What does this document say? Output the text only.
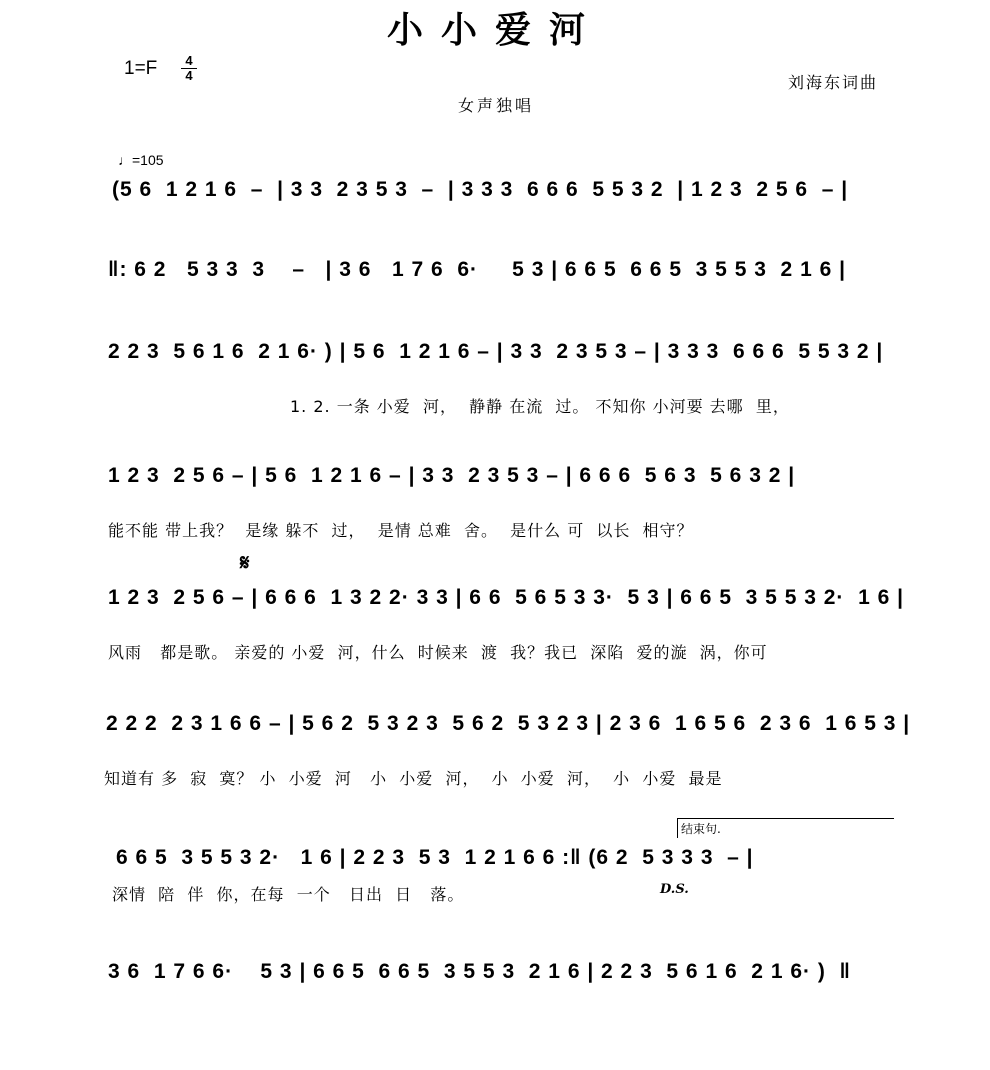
小小爱河
1=F	4
4	刘海东词曲
女声独唱
♩=105
(5 6  1 2 1 6  –  | 3 3  2 3 5 3  –  | 3 3 3  6 6 6  5 5 3 2  | 1 2 3  2 5 6  – |
‖: 6 2   5 3 3  3    –   | 3 6   1 7 6  6·     5 3 | 6 6 5  6 6 5  3 5 5 3  2 1 6 |
2 2 3  5 6 1 6  2 1 6· ) | 5 6  1 2 1 6 – | 3 3  2 3 5 3 – | 3 3 3  6 6 6  5 5 3 2 |
1. 2. 一条 小爱  河，  静静 在流  过。 不知你 小河要 去哪  里，
1 2 3  2 5 6 – | 5 6  1 2 1 6 – | 3 3  2 3 5 3 – | 6 6 6  5 6 3  5 6 3 2 |
能不能 带上我？  是缘 躲不  过，  是情 总难  舍。  是什么 可  以长  相守？
𝄋
1 2 3  2 5 6 – | 6 6 6  1 3 2 2· 3 3 | 6 6  5 6 5 3 3·  5 3 | 6 6 5  3 5 5 3 2·  1 6 |
风雨   都是歌。 亲爱的 小爱  河，什么  时候来  渡  我？我已  深陷  爱的漩  涡，你可
2 2 2  2 3 1 6 6 – | 5 6 2  5 3 2 3  5 6 2  5 3 2 3 | 2 3 6  1 6 5 6  2 3 6  1 6 5 3 |
知道有 多  寂  寞？ 小  小爱  河   小  小爱  河，  小  小爱  河，  小  小爱  最是
结束句.
6 6 5  3 5 5 3 2·   1 6 | 2 2 3  5 3  1 2 1 6 6 :‖ (6 2  5 3 3 3  – |
深情  陪  伴  你，在每  一个   日出  日   落。	D.S.
3 6  1 7 6 6·    5 3 | 6 6 5  6 6 5  3 5 5 3  2 1 6 | 2 2 3  5 6 1 6  2 1 6· )  ‖
